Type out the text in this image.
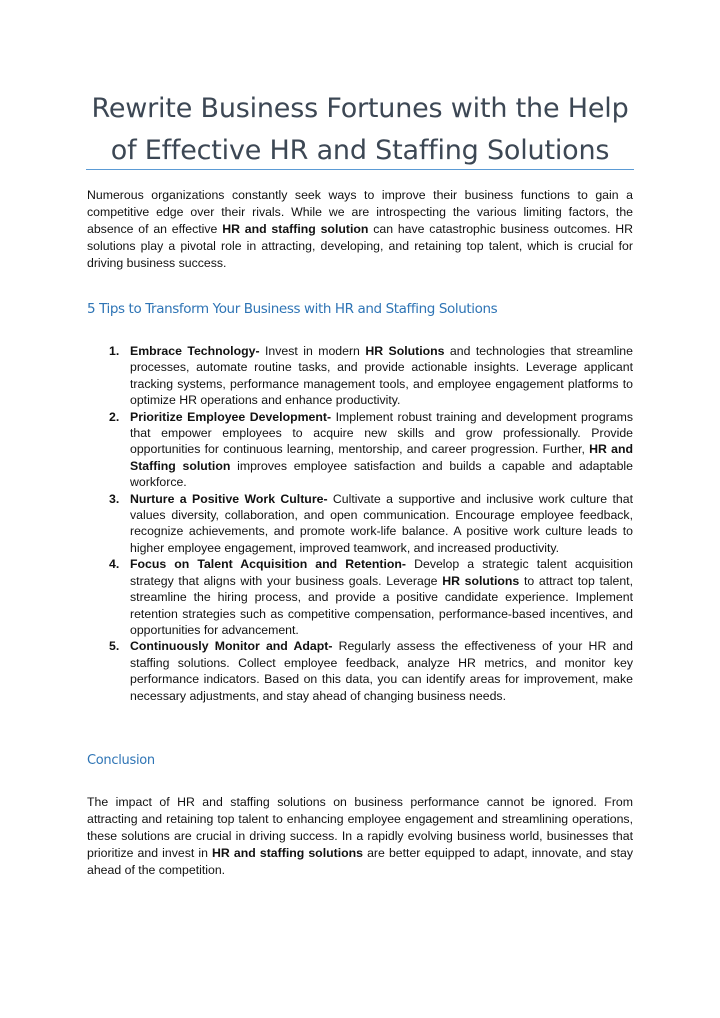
Rewrite Business Fortunes with the Help of Effective HR and Staffing Solutions

Numerous organizations constantly seek ways to improve their business functions to gain a competitive edge over their rivals. While we are introspecting the various limiting factors, the absence of an effective HR and staffing solution can have catastrophic business outcomes. HR solutions play a pivotal role in attracting, developing, and retaining top talent, which is crucial for driving business success.

5 Tips to Transform Your Business with HR and Staffing Solutions
1. Embrace Technology- Invest in modern HR Solutions and technologies that streamline processes, automate routine tasks, and provide actionable insights. Leverage applicant tracking systems, performance management tools, and employee engagement platforms to optimize HR operations and enhance productivity.
2. Prioritize Employee Development- Implement robust training and development programs that empower employees to acquire new skills and grow professionally. Provide opportunities for continuous learning, mentorship, and career progression. Further, HR and Staffing solution improves employee satisfaction and builds a capable and adaptable workforce.
3. Nurture a Positive Work Culture- Cultivate a supportive and inclusive work culture that values diversity, collaboration, and open communication. Encourage employee feedback, recognize achievements, and promote work-life balance. A positive work culture leads to higher employee engagement, improved teamwork, and increased productivity.
4. Focus on Talent Acquisition and Retention- Develop a strategic talent acquisition strategy that aligns with your business goals. Leverage HR solutions to attract top talent, streamline the hiring process, and provide a positive candidate experience. Implement retention strategies such as competitive compensation, performance-based incentives, and opportunities for advancement.
5. Continuously Monitor and Adapt- Regularly assess the effectiveness of your HR and staffing solutions. Collect employee feedback, analyze HR metrics, and monitor key performance indicators. Based on this data, you can identify areas for improvement, make necessary adjustments, and stay ahead of changing business needs.
Conclusion

The impact of HR and staffing solutions on business performance cannot be ignored. From attracting and retaining top talent to enhancing employee engagement and streamlining operations, these solutions are crucial in driving success. In a rapidly evolving business world, businesses that prioritize and invest in HR and staffing solutions are better equipped to adapt, innovate, and stay ahead of the competition.
